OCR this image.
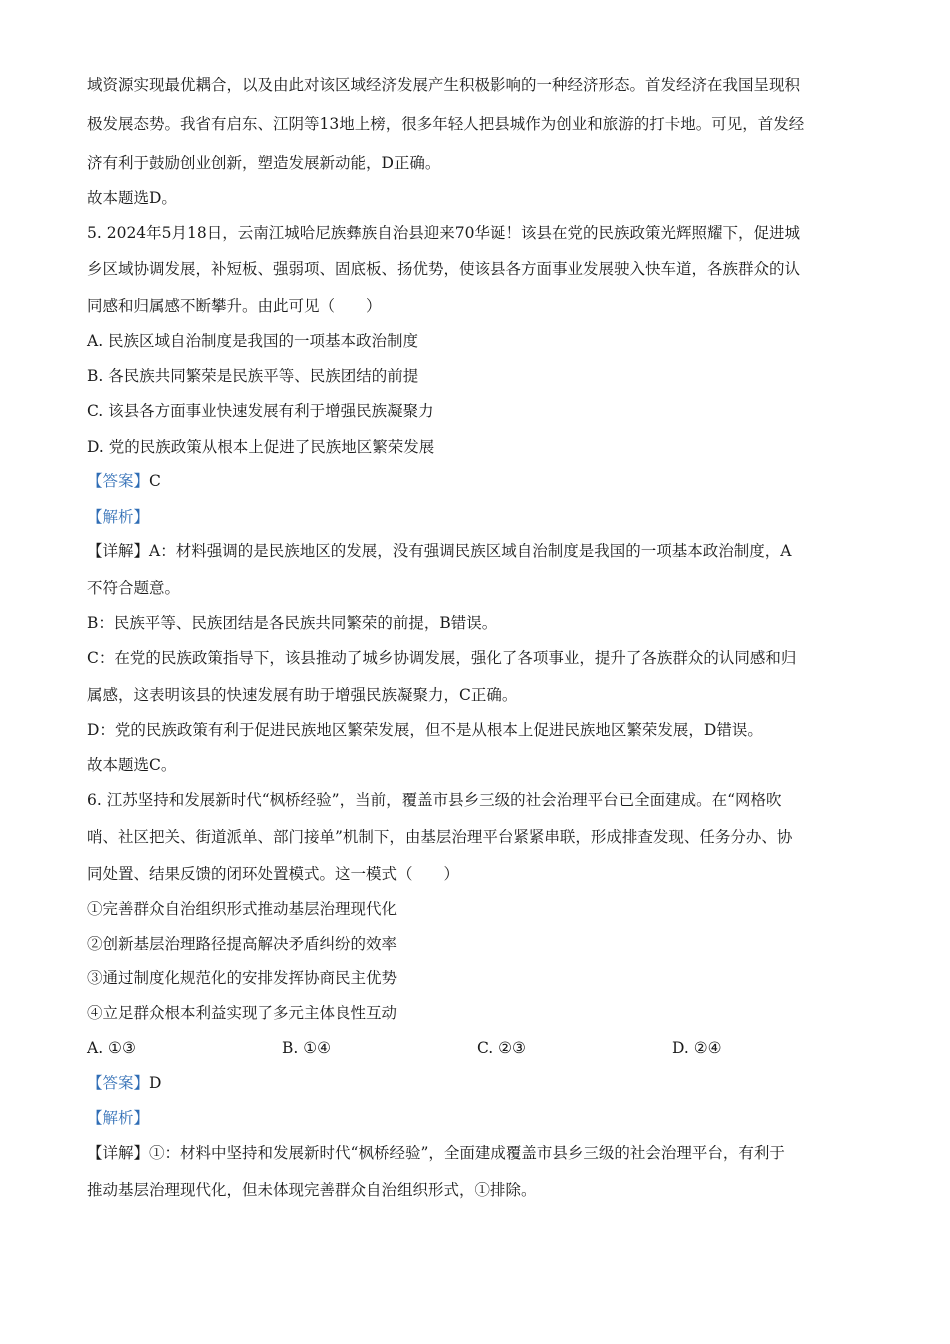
域资源实现最优耦合，以及由此对该区域经济发展产生积极影响的一种经济形态。首发经济在我国呈现积
极发展态势。我省有启东、江阴等13地上榜，很多年轻人把县城作为创业和旅游的打卡地。可见，首发经
济有利于鼓励创业创新，塑造发展新动能，D正确。
故本题选D。
5. 2024年5月18日，云南江城哈尼族彝族自治县迎来70华诞！该县在党的民族政策光辉照耀下，促进城
乡区域协调发展，补短板、强弱项、固底板、扬优势，使该县各方面事业发展驶入快车道，各族群众的认
同感和归属感不断攀升。由此可见（　　）
A. 民族区域自治制度是我国的一项基本政治制度
B. 各民族共同繁荣是民族平等、民族团结的前提
C. 该县各方面事业快速发展有利于增强民族凝聚力
D. 党的民族政策从根本上促进了民族地区繁荣发展
【答案】C
【解析】
【详解】A：材料强调的是民族地区的发展，没有强调民族区域自治制度是我国的一项基本政治制度，A
不符合题意。
B：民族平等、民族团结是各民族共同繁荣的前提，B错误。
C：在党的民族政策指导下，该县推动了城乡协调发展，强化了各项事业，提升了各族群众的认同感和归
属感，这表明该县的快速发展有助于增强民族凝聚力，C正确。
D：党的民族政策有利于促进民族地区繁荣发展，但不是从根本上促进民族地区繁荣发展，D错误。
故本题选C。
6. 江苏坚持和发展新时代“枫桥经验”，当前，覆盖市县乡三级的社会治理平台已全面建成。在“网格吹
哨、社区把关、街道派单、部门接单”机制下，由基层治理平台紧紧串联，形成排查发现、任务分办、协
同处置、结果反馈的闭环处置模式。这一模式（　　）
①完善群众自治组织形式推动基层治理现代化
②创新基层治理路径提高解决矛盾纠纷的效率
③通过制度化规范化的安排发挥协商民主优势
④立足群众根本利益实现了多元主体良性互动
A. ①③	B. ①④	C. ②③	D. ②④
【答案】D
【解析】
【详解】①：材料中坚持和发展新时代“枫桥经验”，全面建成覆盖市县乡三级的社会治理平台，有利于
推动基层治理现代化，但未体现完善群众自治组织形式，①排除。
